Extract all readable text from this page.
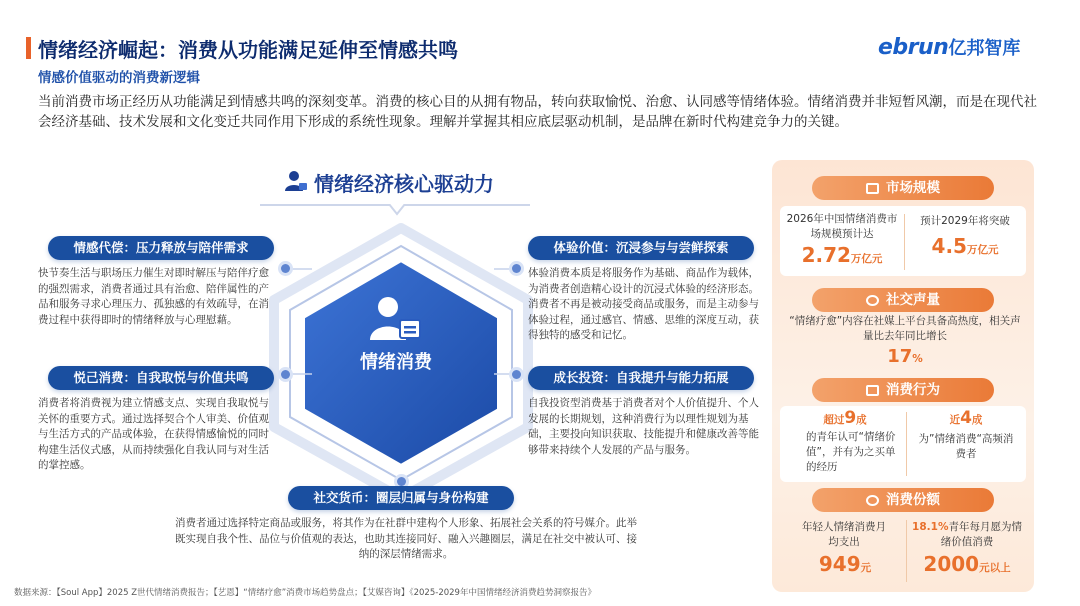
情绪经济崛起：消费从功能满足延伸至情感共鸣
情感价值驱动的消费新逻辑
当前消费市场正经历从功能满足到情感共鸣的深刻变革。消费的核心目的从拥有物品，转向获取愉悦、治愈、认同感等情绪体验。情绪消费并非短暂风潮，而是在现代社会经济基础、技术发展和文化变迁共同作用下形成的系统性现象。理解并掌握其相应底层驱动机制，是品牌在新时代构建竞争力的关键。
ebrun亿邦智库
情绪经济核心驱动力
情绪消费
情感代偿：压力释放与陪伴需求
快节奏生活与职场压力催生对即时解压与陪伴疗愈的强烈需求，消费者通过具有治愈、陪伴属性的产品和服务寻求心理压力、孤独感的有效疏导，在消费过程中获得即时的情绪释放与心理慰藉。
悦己消费：自我取悦与价值共鸣
消费者将消费视为建立情感支点、实现自我取悦与关怀的重要方式。通过选择契合个人审美、价值观与生活方式的产品或体验，在获得情感愉悦的同时构建生活仪式感，从而持续强化自我认同与对生活的掌控感。
体验价值：沉浸参与与尝鲜探索
体验消费本质是将服务作为基础、商品作为载体，为消费者创造精心设计的沉浸式体验的经济形态。消费者不再是被动接受商品或服务，而是主动参与体验过程，通过感官、情感、思维的深度互动，获得独特的感受和记忆。
成长投资：自我提升与能力拓展
自我投资型消费基于消费者对个人价值提升、个人发展的长期规划，这种消费行为以理性规划为基础，主要投向知识获取、技能提升和健康改善等能够带来持续个人发展的产品与服务。
社交货币：圈层归属与身份构建
消费者通过选择特定商品或服务，将其作为在社群中建构个人形象、拓展社会关系的符号媒介。此举既实现自我个性、品位与价值观的表达，也助其连接同好、融入兴趣圈层，满足在社交中被认可、接纳的深层情绪需求。
市场规模
2026年中国情绪消费市场规模预计达
2.72万亿元
预计2029年将突破
4.5万亿元
社交声量
“情绪疗愈”内容在社媒上平台具备高热度，相关声量比去年同比增长
17%
消费行为
超过9成
的青年认可“情绪价值”，并有为之买单的经历
近4成
为”情绪消费“高频消费者
消费份额
年轻人情绪消费月均支出
949元
18.1%青年每月愿为情绪价值消费
2000元以上
数据来源：【Soul App】2025 Z世代情绪消费报告；【艺恩】“情绪疗愈”消费市场趋势盘点；【艾媒咨询】《2025-2029年中国情绪经济消费趋势洞察报告》
